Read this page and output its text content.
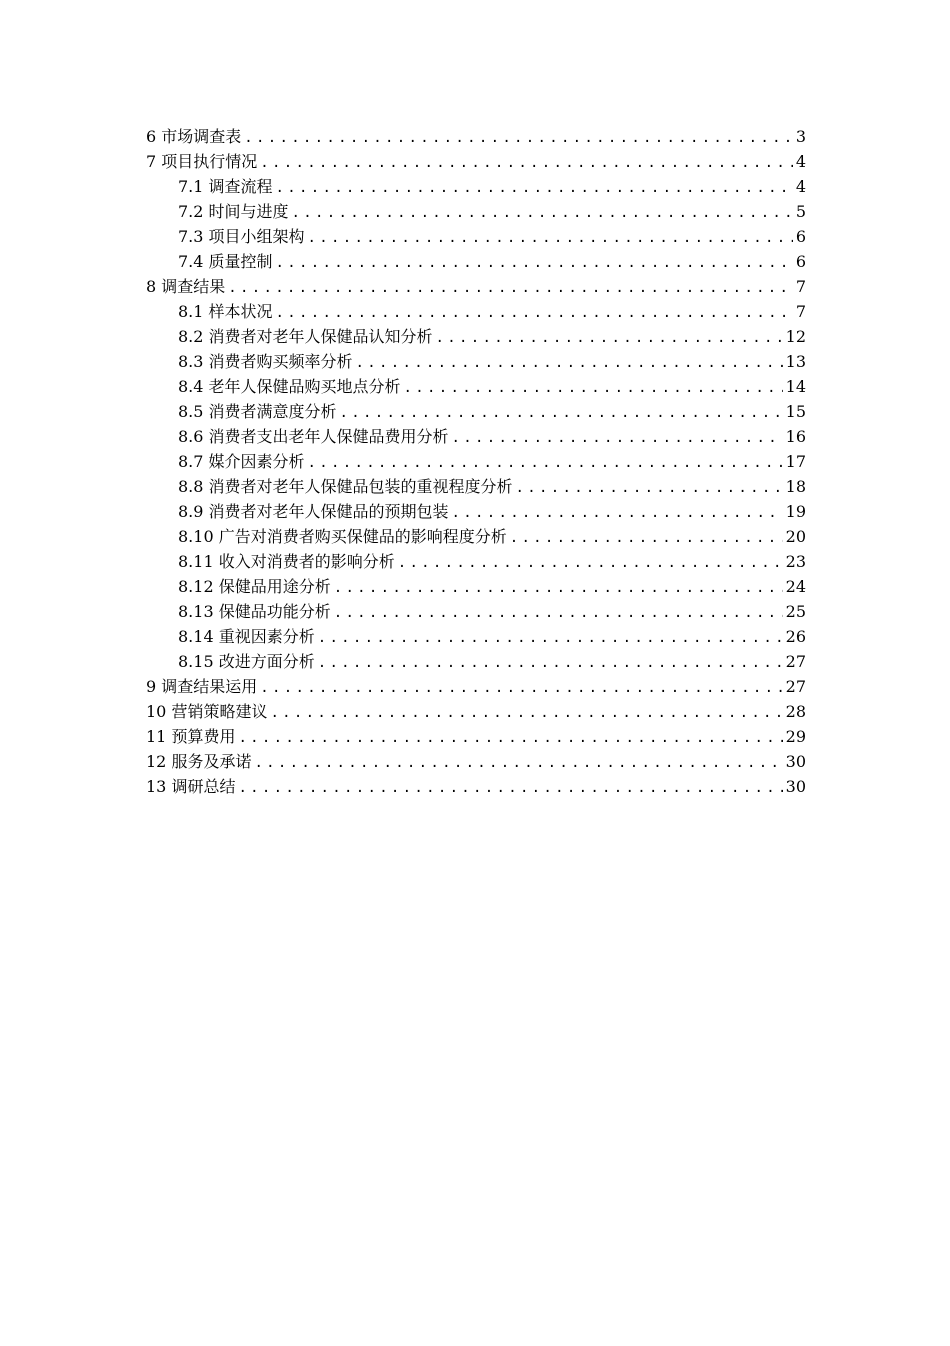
6 市场调查表 .....	3
7 项目执行情况 .....	4
7.1 调查流程 .....	4
7.2 时间与进度 .....	5
7.3 项目小组架构 .....	6
7.4 质量控制 .....	6
8 调查结果 .....	7
8.1 样本状况 .....	7
8.2 消费者对老年人保健品认知分析 .....	12
8.3 消费者购买频率分析 .....	13
8.4 老年人保健品购买地点分析 .....	14
8.5 消费者满意度分析 .....	15
8.6 消费者支出老年人保健品费用分析 .....	16
8.7 媒介因素分析 .....	17
8.8 消费者对老年人保健品包装的重视程度分析 .....	18
8.9 消费者对老年人保健品的预期包装 .....	19
8.10 广告对消费者购买保健品的影响程度分析 .....	20
8.11 收入对消费者的影响分析 .....	23
8.12 保健品用途分析 .....	24
8.13 保健品功能分析 .....	25
8.14 重视因素分析 .....	26
8.15 改进方面分析 .....	27
9 调查结果运用 .....	27
10 营销策略建议 .....	28
11 预算费用 .....	29
12 服务及承诺 .....	30
13 调研总结 .....	30
